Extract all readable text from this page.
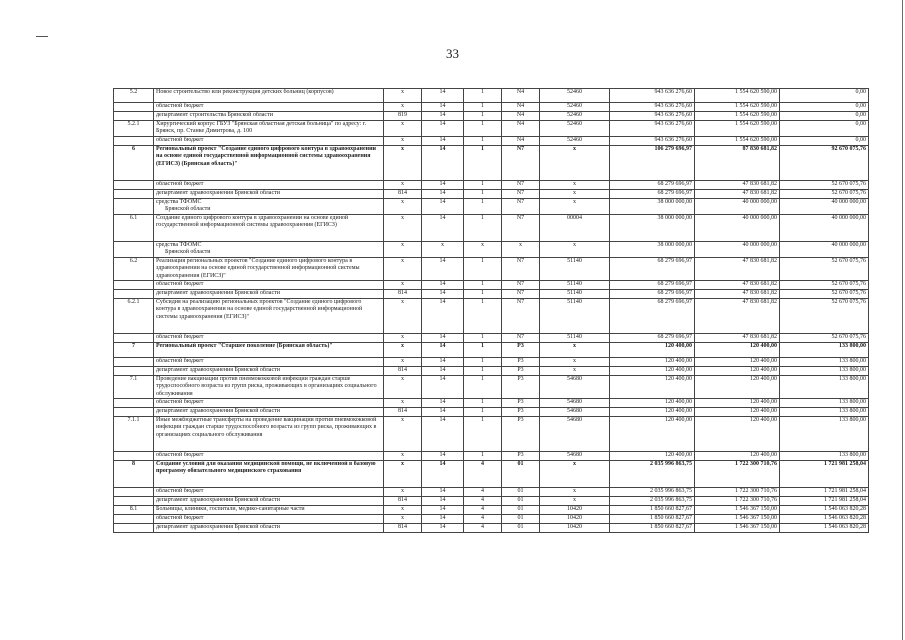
33
5.2	Новое строительство или реконструкция детских больниц (корпусов)	x	14	1	N4	52460	943 636 276,60	1 554 620 590,00	0,00
	областной бюджет	x	14	1	N4	52460	943 636 276,60	1 554 620 590,00	0,00
	департамент строительства Брянской области	819	14	1	N4	52460	943 636 276,60	1 554 620 590,00	0,00
5.2.1	Хирургический корпус ГБУЗ "Брянская областная детская больница" по адресу: г. Брянск, пр. Станке Димитрова, д. 100	x	14	1	N4	52460	943 636 276,60	1 554 620 590,00	0,00
	областной бюджет	x	14	1	N4	52460	943 636 276,60	1 554 620 590,00	0,00
6	Региональный проект "Создание единого цифрового контура в здравоохранении на основе единой государственной информационной системы здравоохранения (ЕГИСЗ) (Брянская область)"	x	14	1	N7	x	106 279 696,97	87 830 681,82	92 670 075,76
	областной бюджет	x	14	1	N7	x	68 279 696,97	47 830 681,82	52 670 075,76
	департамент здравоохранения Брянской области	814	14	1	N7	x	68 279 696,97	47 830 681,82	52 670 075,76
	средства ТФОМС
Брянской области	x	14	1	N7	x	38 000 000,00	40 000 000,00	40 000 000,00
6.1	Создание единого цифрового контура в здравоохранении на основе единой государственной информационной системы здравоохранения (ЕГИСЗ)	x	14	1	N7	00004	38 000 000,00	40 000 000,00	40 000 000,00
	средства ТФОМС
Брянской области	x	x	x	x	x	38 000 000,00	40 000 000,00	40 000 000,00
6.2	Реализация региональных проектов "Создание единого цифрового контура в здравоохранении на основе единой государственной информационной системы здравоохранения (ЕГИСЗ)"	x	14	1	N7	51140	68 279 696,97	47 830 681,82	52 670 075,76
	областной бюджет	x	14	1	N7	51140	68 279 696,97	47 830 681,82	52 670 075,76
	департамент здравоохранения Брянской области	814	14	1	N7	51140	68 279 696,97	47 830 681,82	52 670 075,76
6.2.1	Субсидия на реализацию региональных проектов "Создание единого цифрового контура в здравоохранении на основе единой государственной информационной системы здравоохранения (ЕГИСЗ)"	x	14	1	N7	51140	68 279 696,97	47 830 681,82	52 670 075,76
	областной бюджет	x	14	1	N7	51140	68 279 696,97	47 830 681,82	52 670 075,76
7	Региональный проект "Старшее поколение (Брянская область)"	x	14	1	P3	x	120 400,00	120 400,00	133 800,00
	областной бюджет	x	14	1	P3	x	120 400,00	120 400,00	133 800,00
	департамент здравоохранения Брянской области	814	14	1	P3	x	120 400,00	120 400,00	133 800,00
7.1	Проведение вакцинации против пневмококковой инфекции граждан старше трудоспособного возраста из групп риска, проживающих в организациях социального обслуживания	x	14	1	P3	54680	120 400,00	120 400,00	133 800,00
	областной бюджет	x	14	1	P3	54680	120 400,00	120 400,00	133 800,00
	департамент здравоохранения Брянской области	814	14	1	P3	54680	120 400,00	120 400,00	133 800,00
7.1.1	Иные межбюджетные трансферты на проведение вакцинации против пневмококковой инфекции граждан старше трудоспособного возраста из групп риска, проживающих в организациях социального обслуживания	x	14	1	P3	54680	120 400,00	120 400,00	133 800,00
	областной бюджет	x	14	1	P3	54680	120 400,00	120 400,00	133 800,00
8	Создание условий для оказания медицинской помощи, не включенной в базовую программу обязательного медицинского страхования	x	14	4	01	x	2 035 996 863,75	1 722 300 710,76	1 721 981 258,04
	областной бюджет	x	14	4	01	x	2 035 996 863,75	1 722 300 710,76	1 721 981 258,04
	департамент здравоохранения Брянской области	814	14	4	01	x	2 035 996 863,75	1 722 300 710,76	1 721 981 258,04
8.1	Больницы, клиники, госпитали, медико-санитарные части	x	14	4	01	10420	1 850 660 827,67	1 546 367 150,00	1 546 063 820,28
	областной бюджет	x	14	4	01	10420	1 850 660 827,67	1 546 367 150,00	1 546 063 820,28
	департамент здравоохранения Брянской области	814	14	4	01	10420	1 850 660 827,67	1 546 367 150,00	1 546 063 820,28
